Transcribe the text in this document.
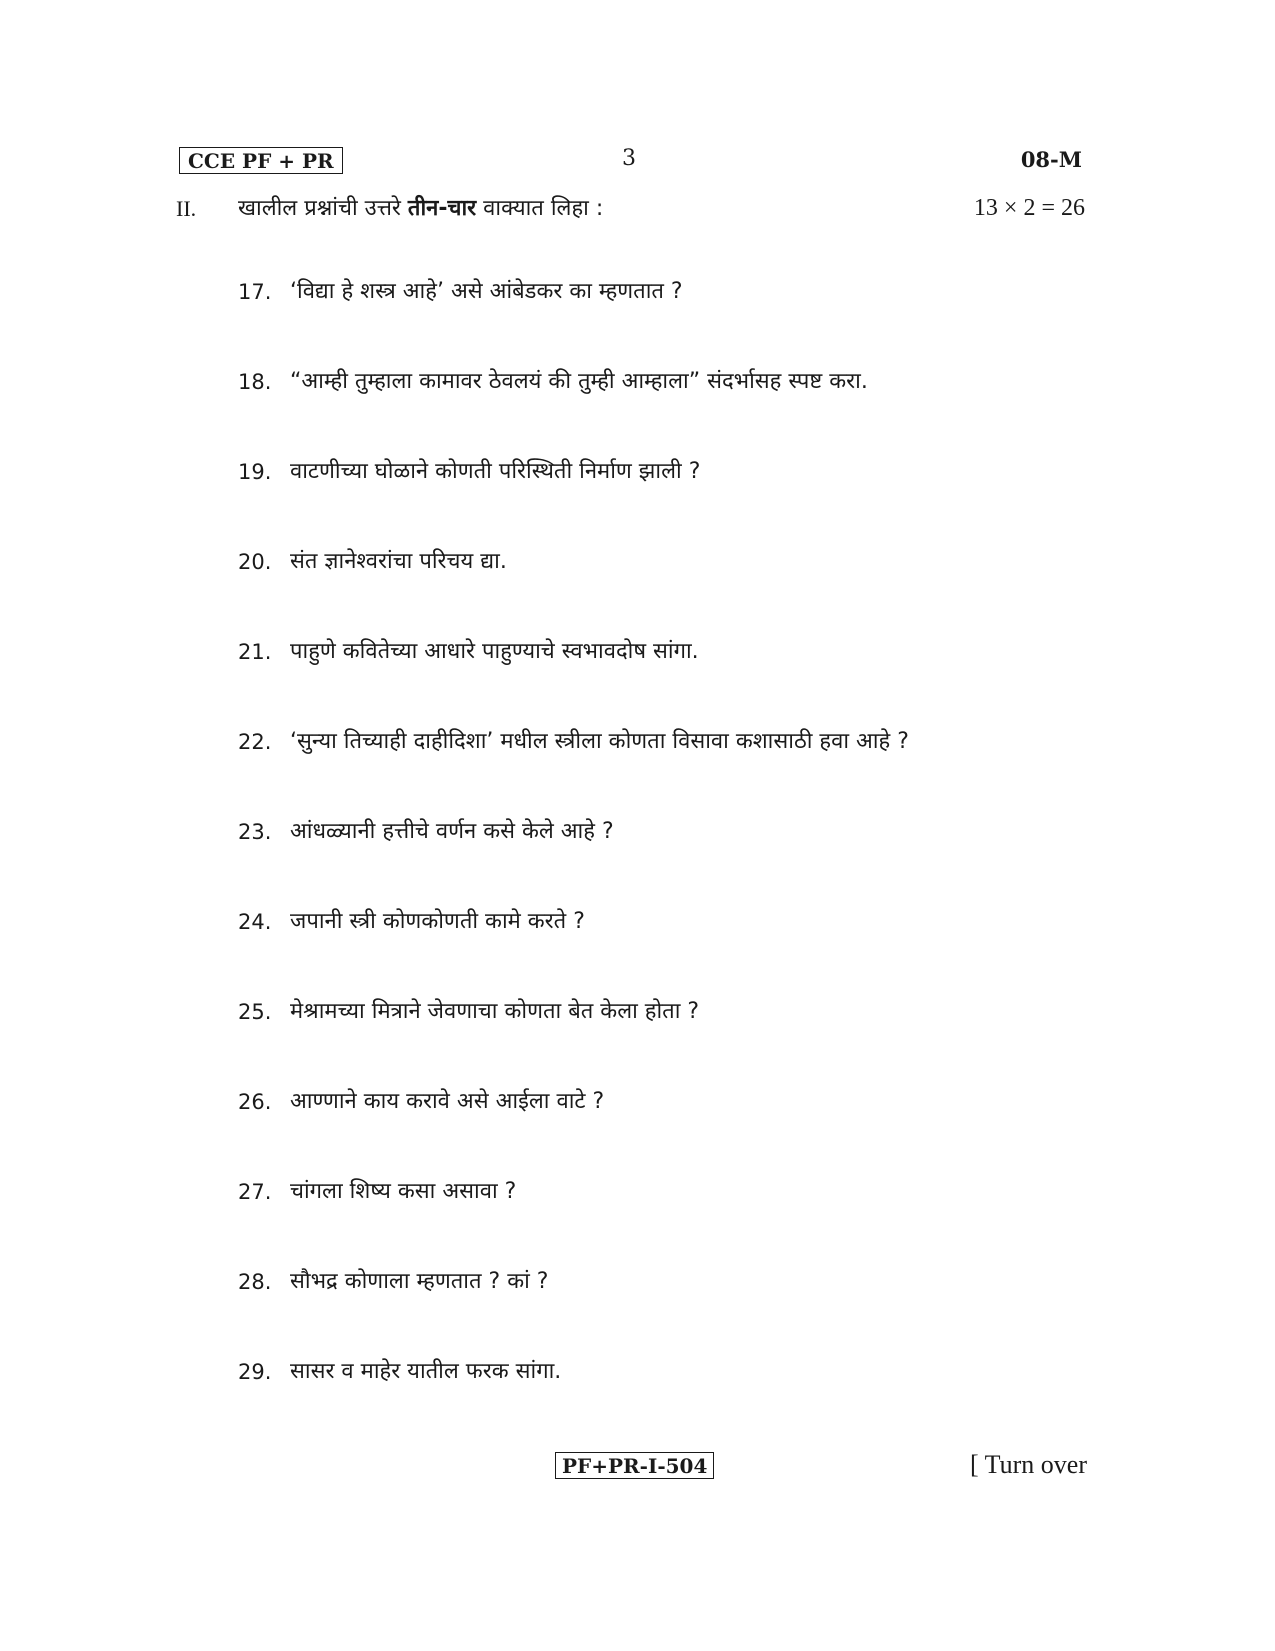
CCE PF + PR	3	08-M
II. खालील प्रश्नांची उत्तरे तीन-चार वाक्यात लिहा :	13 × 2 = 26
17. ‘विद्या हे शस्त्र आहे’ असे आंबेडकर का म्हणतात ?
18. “आम्ही तुम्हाला कामावर ठेवलयं की तुम्ही आम्हाला” संदर्भासह स्पष्ट करा.
19. वाटणीच्या घोळाने कोणती परिस्थिती निर्माण झाली ?
20. संत ज्ञानेश्वरांचा परिचय द्या.
21. पाहुणे कवितेच्या आधारे पाहुण्याचे स्वभावदोष सांगा.
22. ‘सुन्या तिच्याही दाहीदिशा’ मधील स्त्रीला कोणता विसावा कशासाठी हवा आहे ?
23. आंधळ्यानी हत्तीचे वर्णन कसे केले आहे ?
24. जपानी स्त्री कोणकोणती कामे करते ?
25. मेश्रामच्या मित्राने जेवणाचा कोणता बेत केला होता ?
26. आण्णाने काय करावे असे आईला वाटे ?
27. चांगला शिष्य कसा असावा ?
28. सौभद्र कोणाला म्हणतात ? कां ?
29. सासर व माहेर यातील फरक सांगा.
PF+PR-I-504	[ Turn over
